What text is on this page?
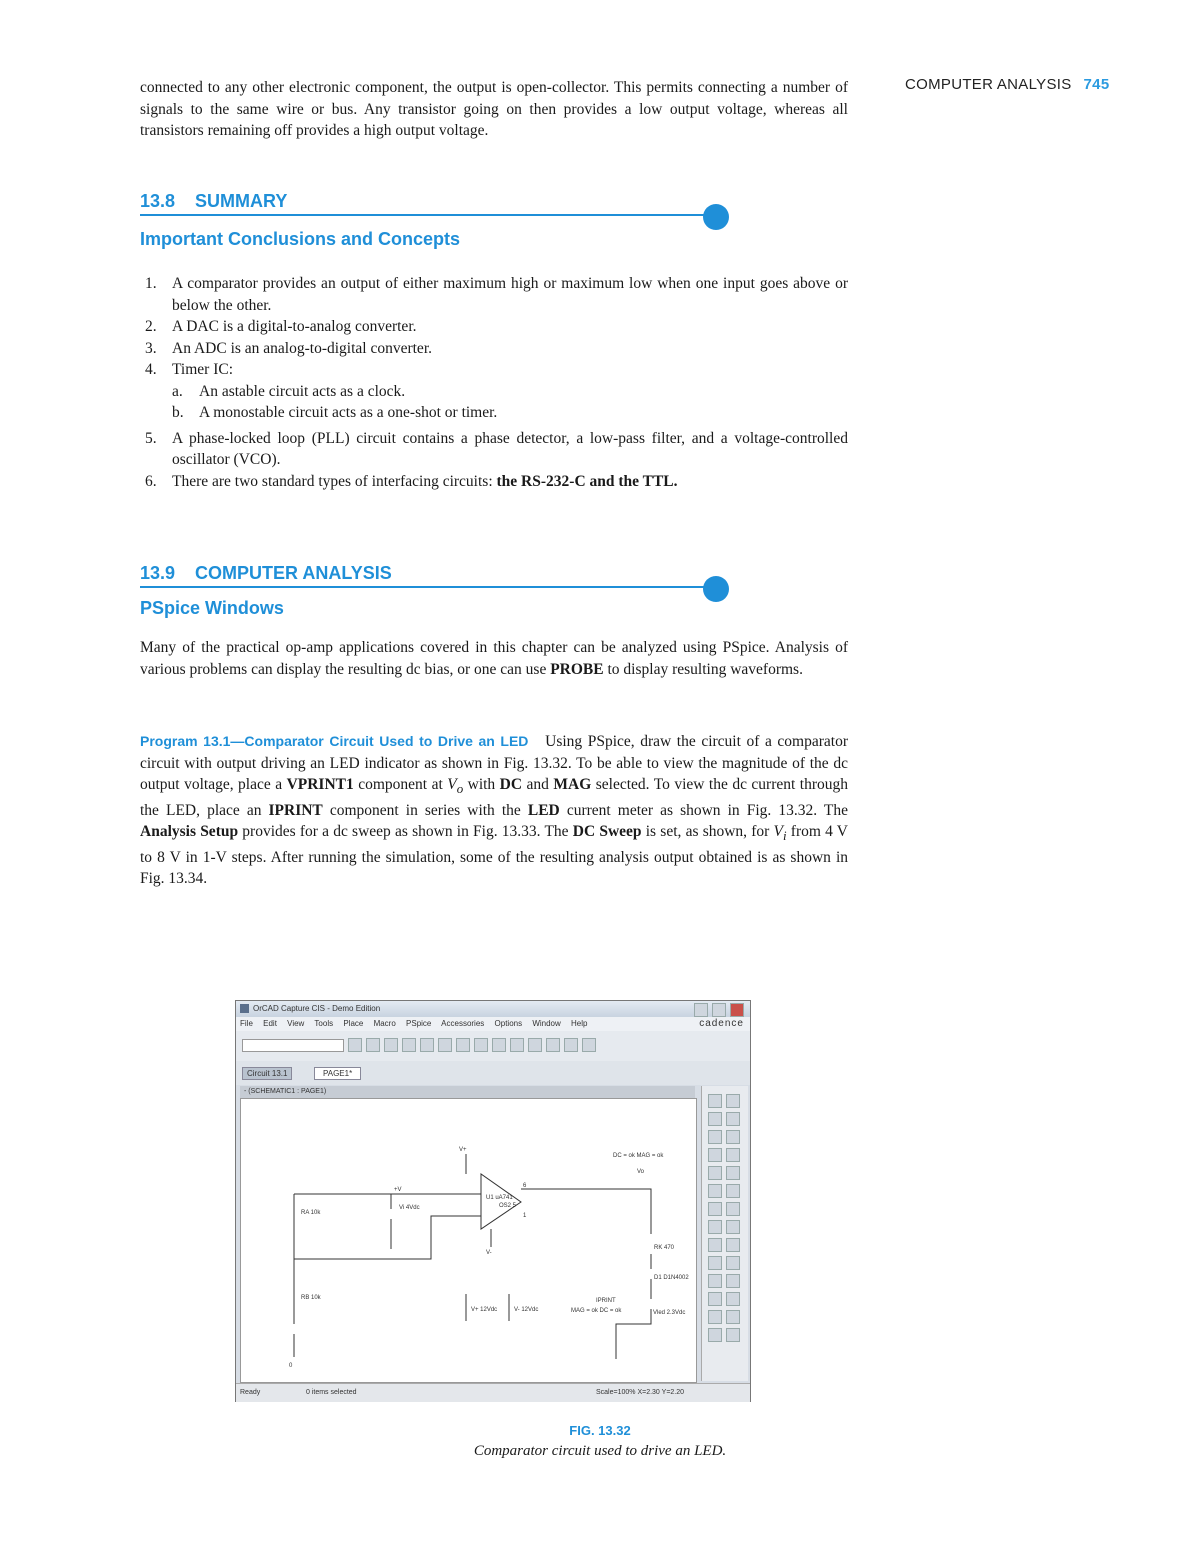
COMPUTER ANALYSIS 745
connected to any other electronic component, the output is open-collector. This permits connecting a number of signals to the same wire or bus. Any transistor going on then provides a low output voltage, whereas all transistors remaining off provides a high output voltage.
13.8 SUMMARY
Important Conclusions and Concepts
1. A comparator provides an output of either maximum high or maximum low when one input goes above or below the other.
2. A DAC is a digital-to-analog converter.
3. An ADC is an analog-to-digital converter.
4. Timer IC:
a. An astable circuit acts as a clock.
b. A monostable circuit acts as a one-shot or timer.
5. A phase-locked loop (PLL) circuit contains a phase detector, a low-pass filter, and a voltage-controlled oscillator (VCO).
6. There are two standard types of interfacing circuits: the RS-232-C and the TTL.
13.9 COMPUTER ANALYSIS
PSpice Windows
Many of the practical op-amp applications covered in this chapter can be analyzed using PSpice. Analysis of various problems can display the resulting dc bias, or one can use PROBE to display resulting waveforms.
Program 13.1—Comparator Circuit Used to Drive an LED Using PSpice, draw the circuit of a comparator circuit with output driving an LED indicator as shown in Fig. 13.32. To be able to view the magnitude of the dc output voltage, place a VPRINT1 component at $V_o$ with DC and MAG selected. To view the dc current through the LED, place an IPRINT component in series with the LED current meter as shown in Fig. 13.32. The Analysis Setup provides for a dc sweep as shown in Fig. 13.33. The DC Sweep is set, as shown, for $V_i$ from 4 V to 8 V in 1-V steps. After running the simulation, some of the resulting analysis output obtained is as shown in Fig. 13.34.
OrCAD Capture CIS - Demo Edition
File Edit View Tools Place Macro PSpice Accessories Options Window Help	cadence
Circuit 13.1	PAGE1*
- (SCHEMATIC1 : PAGE1)
RA 10k
RB 10k
Vi 4Vdc
U1 uA741
OS2 5
6
1
V+
V-
V+ 12Vdc	V- 12Vdc
DC = ok MAG = ok
RK 470
D1 D1N4002
MAG = ok DC = ok
IPRINT
Vled 2.3Vdc
Vo
0
+V

Ready	0 items selected	Scale=100% X=2.30 Y=2.20
FIG. 13.32
Comparator circuit used to drive an LED.
